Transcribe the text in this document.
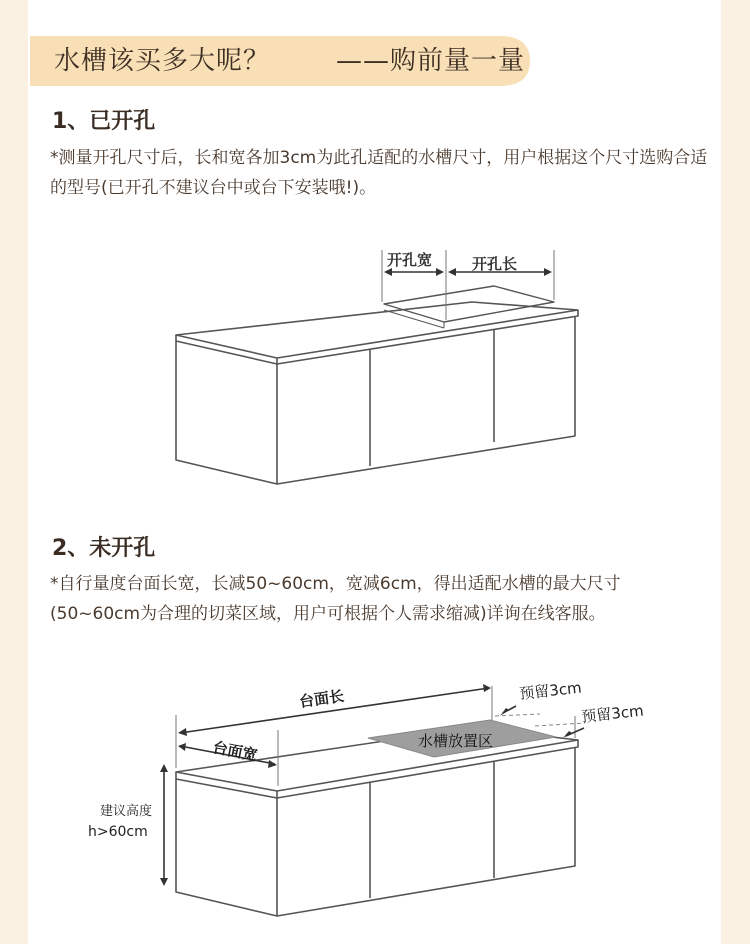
水槽该买多大呢？	——购前量一量
1、已开孔
*测量开孔尺寸后，长和宽各加3cm为此孔适配的水槽尺寸，用户根据这个尺寸选购合适的型号(已开孔不建议台中或台下安装哦!)。
开孔宽	开孔长
2、未开孔
*自行量度台面长宽，长减50~60cm，宽减6cm，得出适配水槽的最大尺寸(50~60cm为合理的切菜区域，用户可根据个人需求缩减)详询在线客服。
水槽放置区
台面长
台面宽
预留3cm
预留3cm
建议高度
h>60cm
